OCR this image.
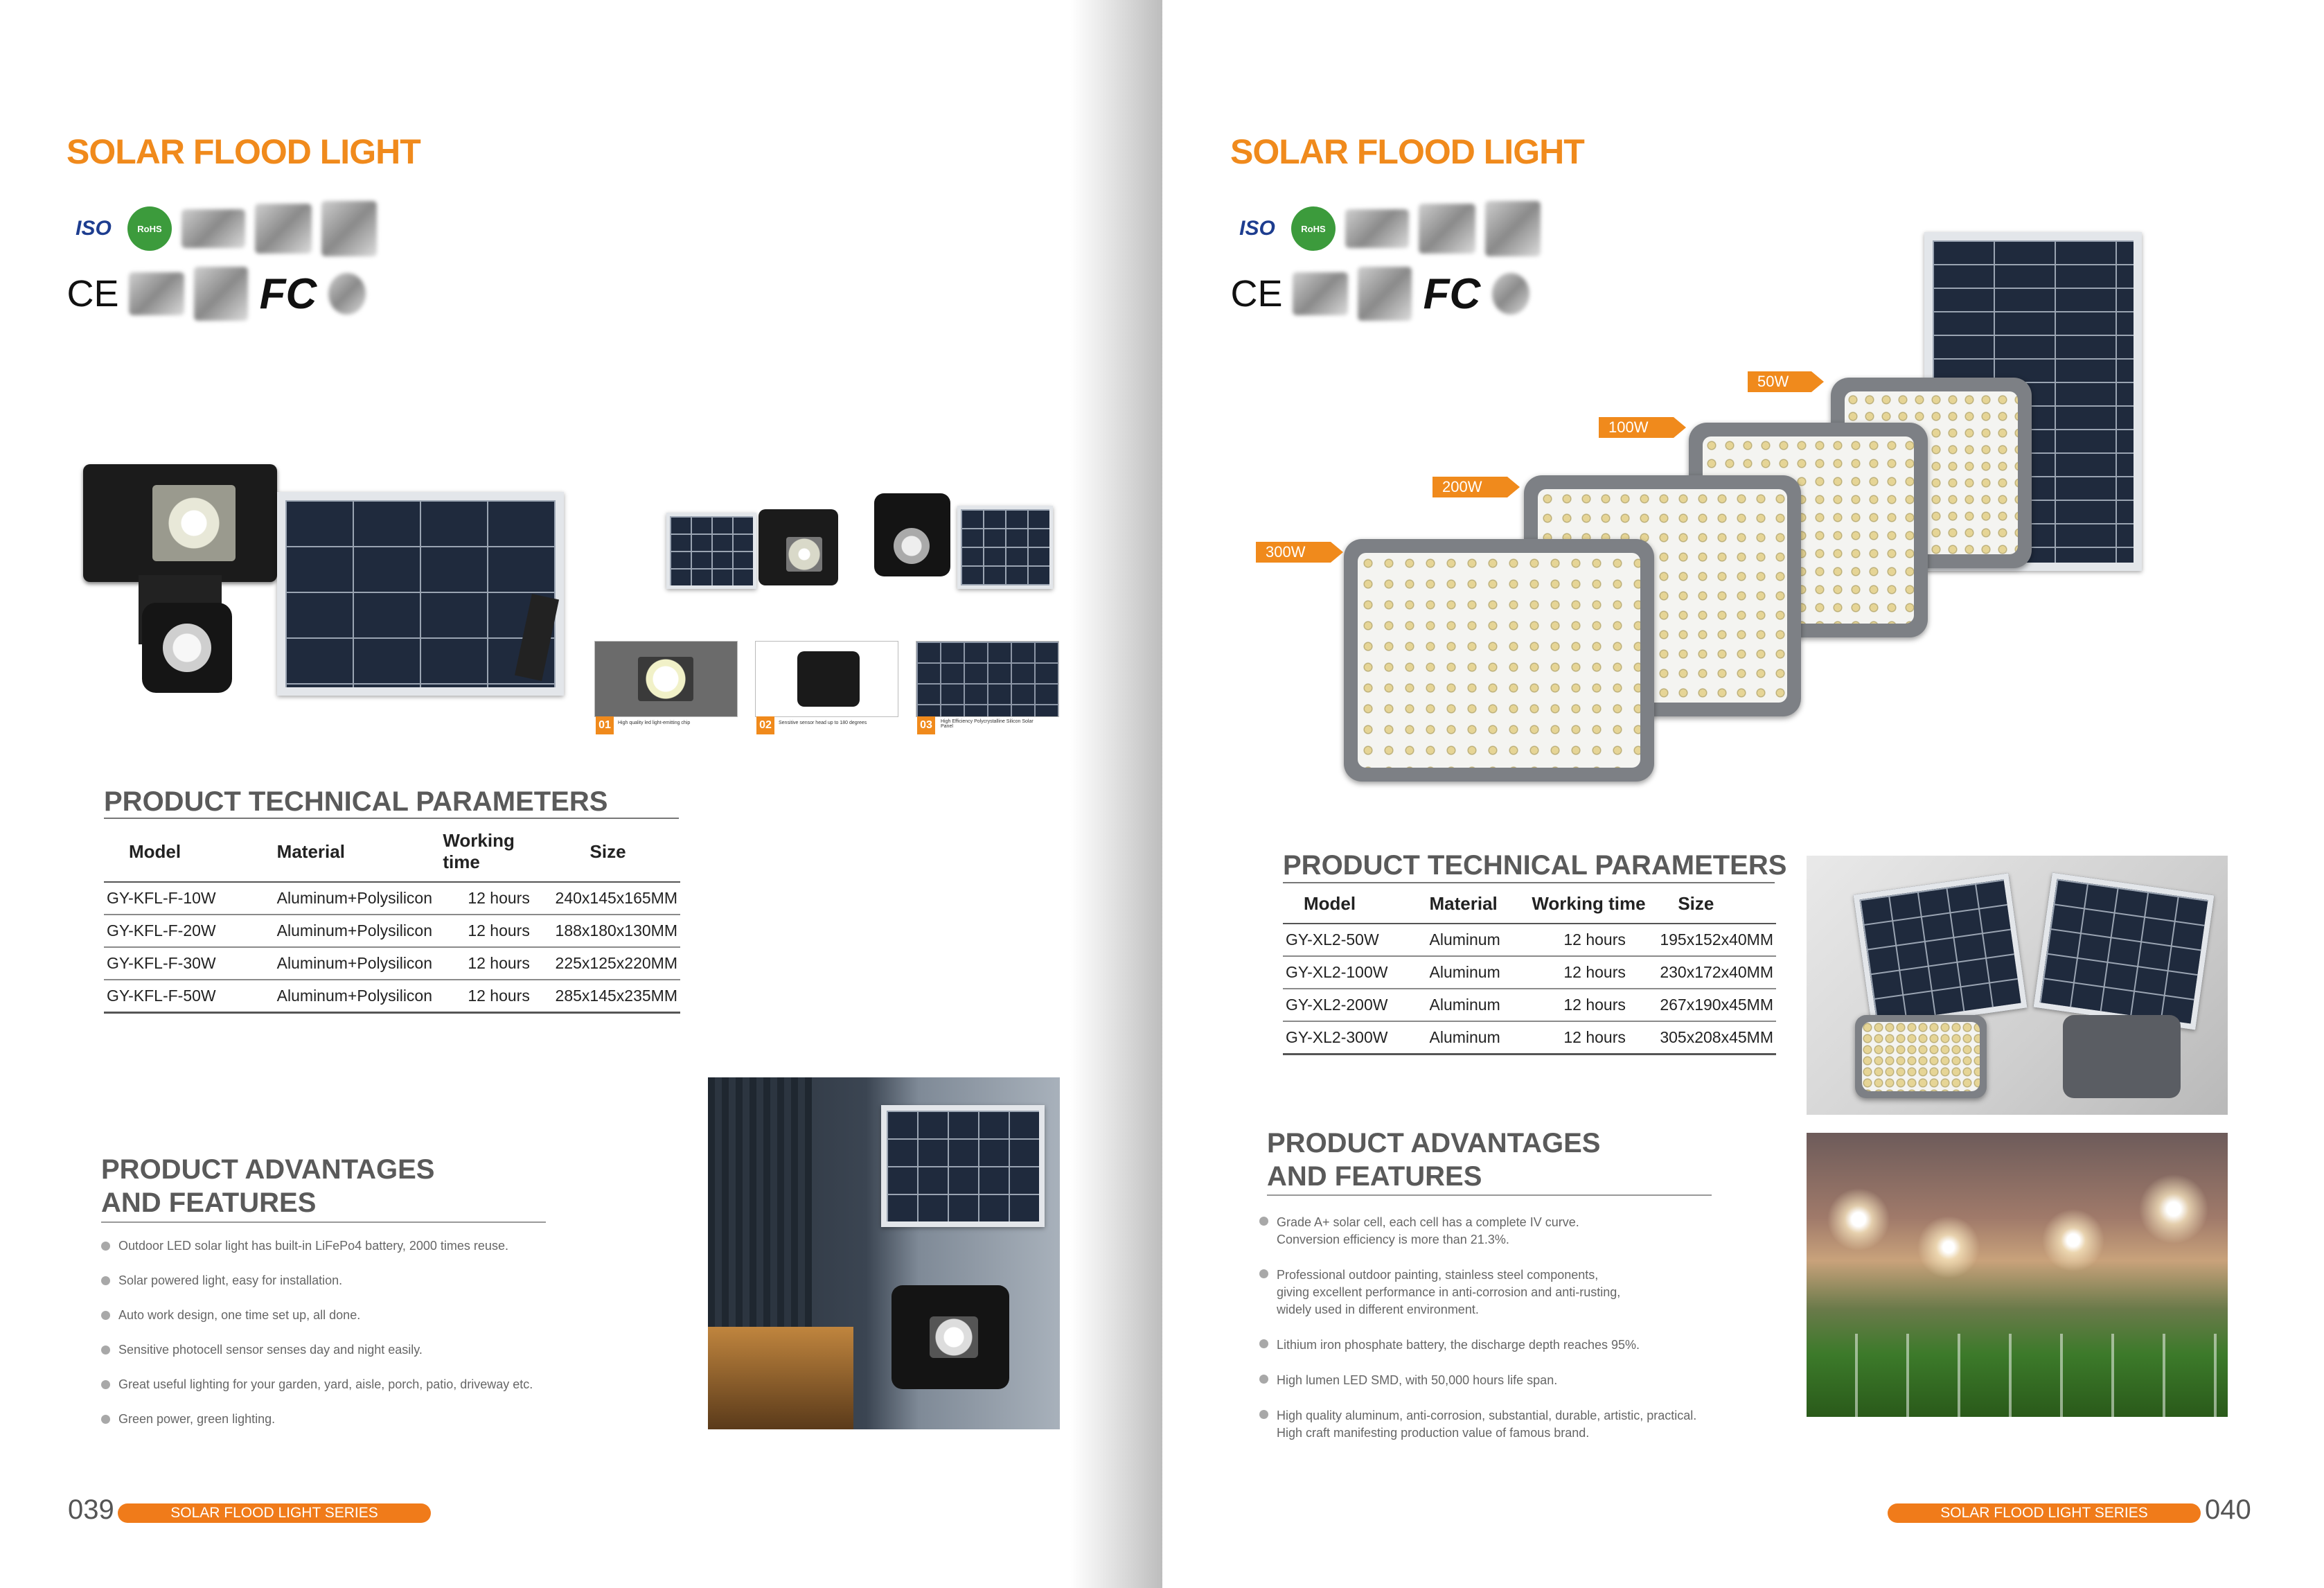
SOLAR FLOOD LIGHT
ISO	RoHS
CE	FC
01	High quality led light-emitting chip	02	Sensitive sensor head up to 180 degrees	03	High Efficiency Polycrystalline Silicon Solar Panel
PRODUCT TECHNICAL PARAMETERS
Model	Material	Working time	Size
GY-KFL-F-10W	Aluminum+Polysilicon	12 hours	240x145x165MM
GY-KFL-F-20W	Aluminum+Polysilicon	12 hours	188x180x130MM
GY-KFL-F-30W	Aluminum+Polysilicon	12 hours	225x125x220MM
GY-KFL-F-50W	Aluminum+Polysilicon	12 hours	285x145x235MM
PRODUCT ADVANTAGES
AND FEATURES
Outdoor LED solar light has built-in LiFePo4 battery, 2000 times reuse.
Solar powered light, easy for installation.
Auto work design, one time set up, all done.
Sensitive photocell sensor senses day and night easily.
Great useful lighting for your garden, yard, aisle, porch, patio, driveway etc.
Green power, green lighting.
039	SOLAR FLOOD LIGHT SERIES
SOLAR FLOOD LIGHT
ISO	RoHS
CE	FC
50W
100W
200W
300W
PRODUCT TECHNICAL PARAMETERS
Model	Material	Working time	Size
GY-XL2-50W	Aluminum	12 hours	195x152x40MM
GY-XL2-100W	Aluminum	12 hours	230x172x40MM
GY-XL2-200W	Aluminum	12 hours	267x190x45MM
GY-XL2-300W	Aluminum	12 hours	305x208x45MM
PRODUCT ADVANTAGES
AND FEATURES
Grade A+ solar cell, each cell has a complete IV curve.
Conversion efficiency is more than 21.3%.
Professional outdoor painting, stainless steel components,
giving excellent performance in anti-corrosion and anti-rusting,
widely used in different environment.
Lithium iron phosphate battery, the discharge depth reaches 95%.
High lumen LED SMD, with 50,000 hours life span.
High quality aluminum, anti-corrosion, substantial, durable, artistic, practical.
High craft manifesting production value of famous brand.
SOLAR FLOOD LIGHT SERIES	040
